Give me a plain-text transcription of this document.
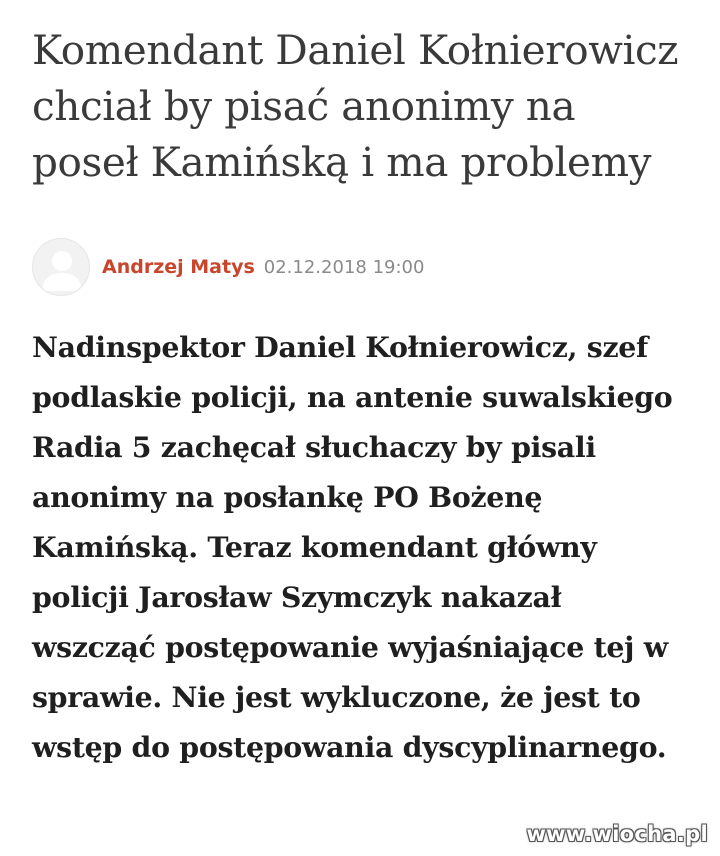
Komendant Daniel Kołnierowicz chciał by pisać anonimy na poseł Kamińską i ma problemy
Andrzej Matys 02.12.2018 19:00

Nadinspektor Daniel Kołnierowicz, szef podlaskie policji, na antenie suwalskiego Radia 5 zachęcał słuchaczy by pisali anonimy na posłankę PO Bożenę Kamińską. Teraz komendant główny policji Jarosław Szymczyk nakazał wszcząć postępowanie wyjaśniające tej w sprawie. Nie jest wykluczone, że jest to wstęp do postępowania dyscyplinarnego.

www.wiocha.pl
